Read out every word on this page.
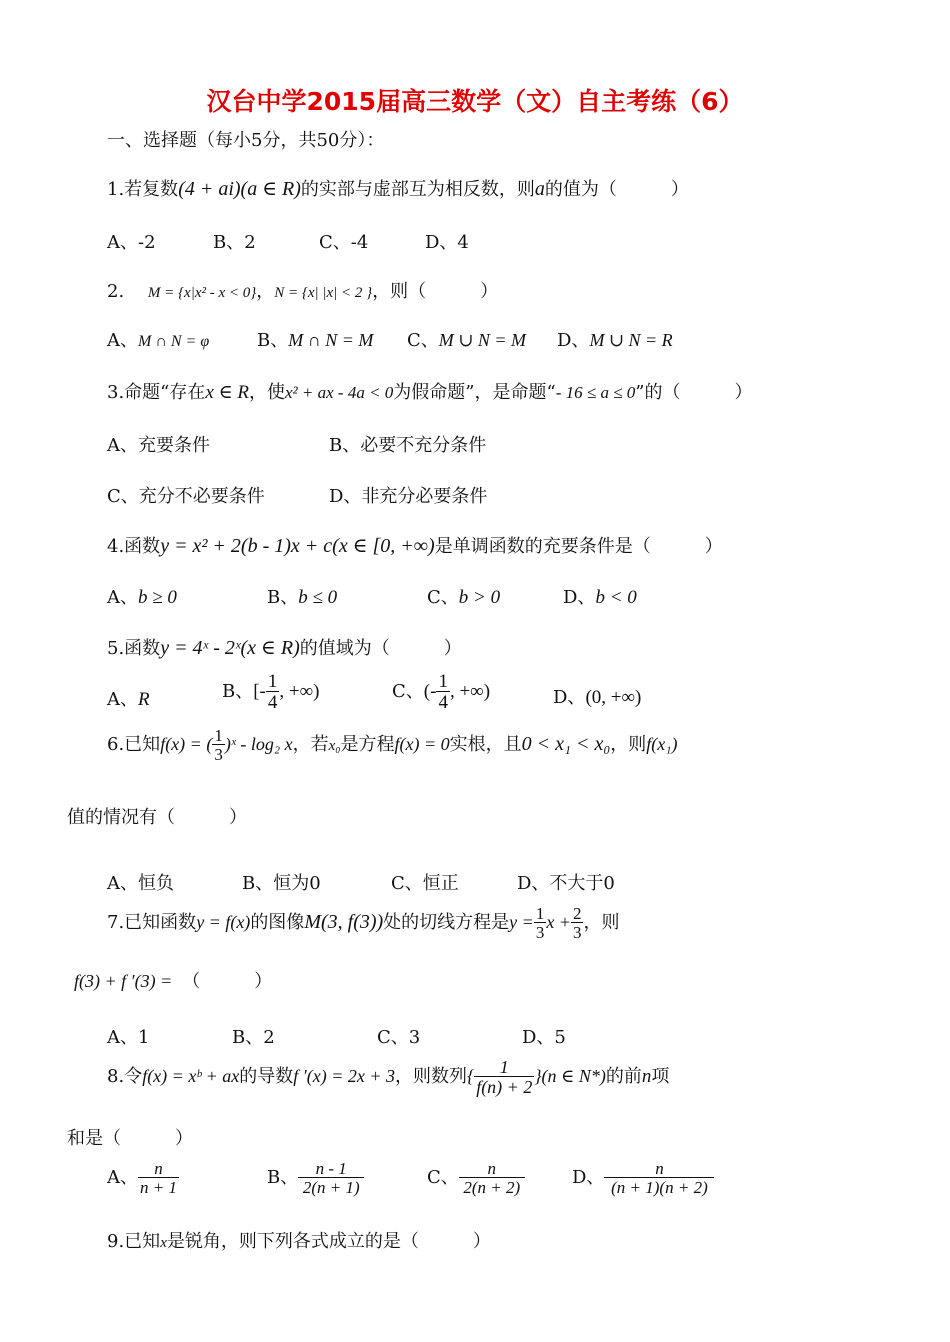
汉台中学2015届高三数学（文）自主考练（6）
一、选择题（每小5分，共50分）：
1.若复数(4 + ai)(a ∈ R)的实部与虚部互为相反数，则a的值为（　　　）
A、-2	B、2	C、-4	D、4
2. M = {x|x² - x < 0}，N = {x| |x| < 2 }，则（　　　）
A、M ∩ N = φ	B、M ∩ N = M C、M ∪ N = M D、M ∪ N = R
3.命题“存在x ∈ R，使x² + ax - 4a < 0为假命题”，是命题“- 16 ≤ a ≤ 0”的（　　　）
A、充要条件	B、必要不充分条件
C、充分不必要条件	D、非充分必要条件
4.函数y = x² + 2(b - 1)x + c(x ∈ [0, +∞)是单调函数的充要条件是（　　　）
A、b ≥ 0	B、b ≤ 0	C、b > 0	D、b < 0
5.函数y = 4ˣ - 2ˣ(x ∈ R)的值域为（　　　）
A、R	B、[- $\frac{1}{4}$ , +∞)	C、(- $\frac{1}{4}$ , +∞)	D、(0, +∞)
6.已知f(x) = ( $\frac{1}{3}$ )ˣ - log₂ x，若x₀是方程f(x) = 0实根，且0 < x₁ < x₀，则f(x₁)
值的情况有（　　　）
A、恒负	B、恒为0	C、恒正	D、不大于0
7.已知函数y = f(x)的图像M(3, f(3))处的切线方程是$y = \frac{1}{3}$ $x + \frac{2}{3}$ ，则
f(3) + f ′(3) = （　　　）
A、1	B、2	C、3	D、5
8.令f(x) = xᵇ + ax的导数f ′(x) = 2x + 3，则数列{ $\frac{1}{f(n) + 2} \}(n$ ∈ N*)的前n项
和是（　　　）
A、 $\frac{n}{n + 1}$	B、 $\frac{n - 1}{2(n + 1)}$	C、 $\frac{n}{2(n + 2)}$	D、 $\frac{n}{(n + 1)(n + 2)}$
9.已知x是锐角，则下列各式成立的是（　　　）
